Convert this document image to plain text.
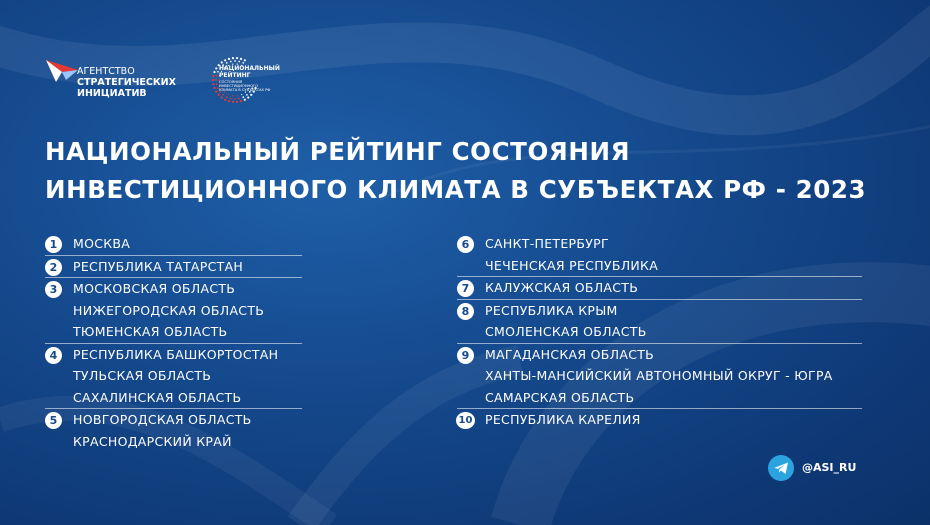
АГЕНТСТВО
СТРАТЕГИЧЕСКИХ
ИНИЦИАТИВ
НАЦИОНАЛЬНЫЙ
РЕЙТИНГ
СОСТОЯНИЯ
ИНВЕСТИЦИОННОГО
КЛИМАТА В СУБЪЕКТАХ РФ
НАЦИОНАЛЬНЫЙ РЕЙТИНГ СОСТОЯНИЯ
ИНВЕСТИЦИОННОГО КЛИМАТА В СУБЪЕКТАХ РФ - 2023
1	МОСКВА
2	РЕСПУБЛИКА ТАТАРСТАН
3	МОСКОВСКАЯ ОБЛАСТЬ
НИЖЕГОРОДСКАЯ ОБЛАСТЬ
ТЮМЕНСКАЯ ОБЛАСТЬ
4	РЕСПУБЛИКА БАШКОРТОСТАН
ТУЛЬСКАЯ ОБЛАСТЬ
САХАЛИНСКАЯ ОБЛАСТЬ
5	НОВГОРОДСКАЯ ОБЛАСТЬ
КРАСНОДАРСКИЙ КРАЙ
6	САНКТ-ПЕТЕРБУРГ
ЧЕЧЕНСКАЯ РЕСПУБЛИКА
7	КАЛУЖСКАЯ ОБЛАСТЬ
8	РЕСПУБЛИКА КРЫМ
СМОЛЕНСКАЯ ОБЛАСТЬ
9	МАГАДАНСКАЯ ОБЛАСТЬ
ХАНТЫ-МАНСИЙСКИЙ АВТОНОМНЫЙ ОКРУГ - ЮГРА
САМАРСКАЯ ОБЛАСТЬ
10 РЕСПУБЛИКА КАРЕЛИЯ
@ASI_RU
